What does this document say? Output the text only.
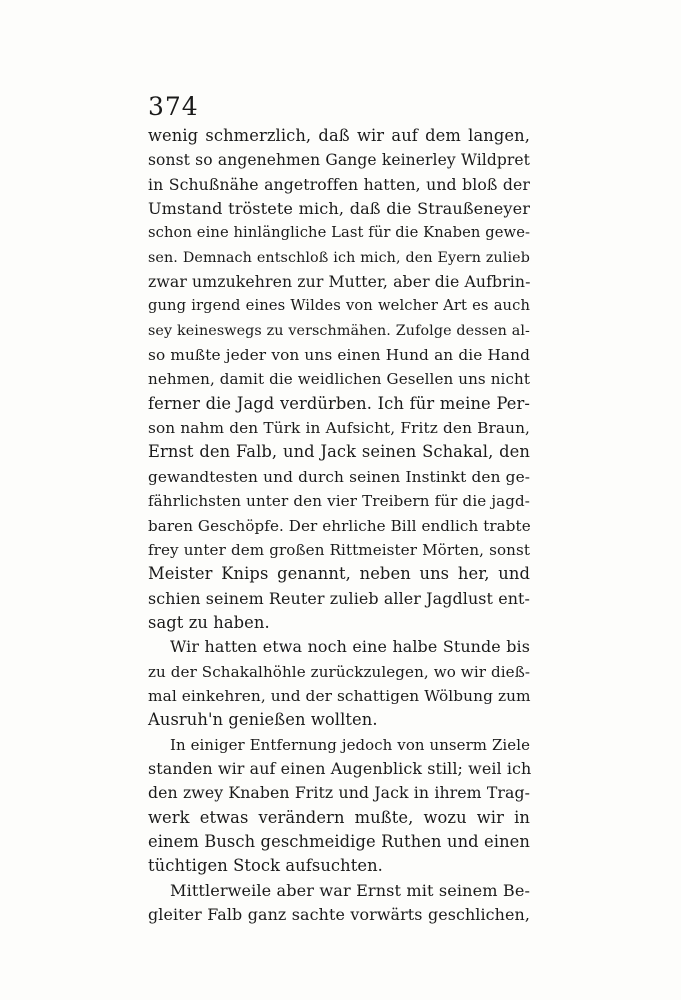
374
wenig schmerzlich, daß wir auf dem langen,
sonst so angenehmen Gange keinerley Wildpret
in Schußnähe angetroffen hatten, und bloß der
Umstand tröstete mich, daß die Straußeneyer
schon eine hinlängliche Last für die Knaben gewe-
sen. Demnach entschloß ich mich, den Eyern zulieb
zwar umzukehren zur Mutter, aber die Aufbrin-
gung irgend eines Wildes von welcher Art es auch
sey keineswegs zu verschmähen. Zufolge dessen al-
so mußte jeder von uns einen Hund an die Hand
nehmen, damit die weidlichen Gesellen uns nicht
ferner die Jagd verdürben. Ich für meine Per-
son nahm den Türk in Aufsicht, Fritz den Braun,
Ernst den Falb, und Jack seinen Schakal, den
gewandtesten und durch seinen Instinkt den ge-
fährlichsten unter den vier Treibern für die jagd-
baren Geschöpfe. Der ehrliche Bill endlich trabte
frey unter dem großen Rittmeister Mörten, sonst
Meister Knips genannt, neben uns her, und
schien seinem Reuter zulieb aller Jagdlust ent-
sagt zu haben.
Wir hatten etwa noch eine halbe Stunde bis
zu der Schakalhöhle zurückzulegen, wo wir dieß-
mal einkehren, und der schattigen Wölbung zum
Ausruh'n genießen wollten.
In einiger Entfernung jedoch von unserm Ziele
standen wir auf einen Augenblick still; weil ich
den zwey Knaben Fritz und Jack in ihrem Trag-
werk etwas verändern mußte, wozu wir in
einem Busch geschmeidige Ruthen und einen
tüchtigen Stock aufsuchten.
Mittlerweile aber war Ernst mit seinem Be-
gleiter Falb ganz sachte vorwärts geschlichen,
